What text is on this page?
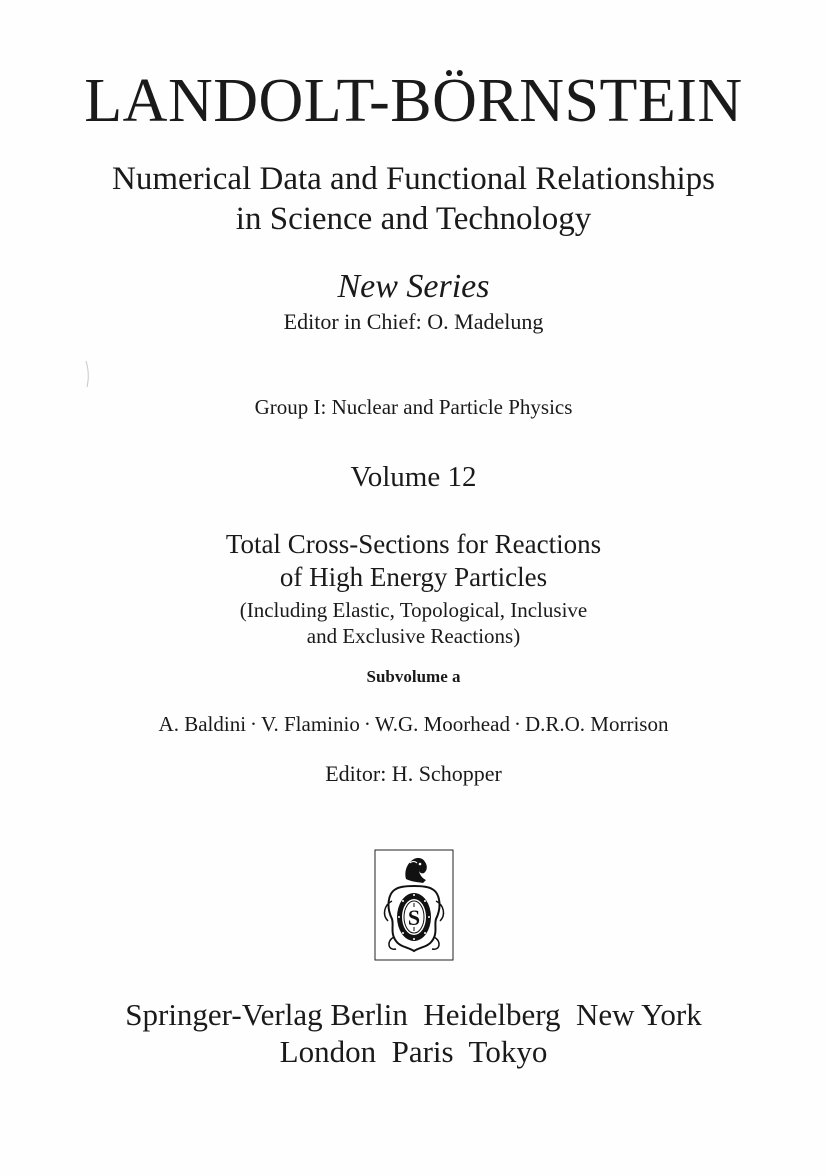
LANDOLT-BÖRNSTEIN
Numerical Data and Functional Relationships
in Science and Technology
New Series
Editor in Chief: O. Madelung
Group I: Nuclear and Particle Physics
Volume 12
Total Cross-Sections for Reactions
of High Energy Particles
(Including Elastic, Topological, Inclusive
and Exclusive Reactions)
Subvolume a
A. Baldini · V. Flaminio · W.G. Moorhead · D.R.O. Morrison
Editor: H. Schopper
S
Springer-Verlag Berlin  Heidelberg  New York
London  Paris  Tokyo
